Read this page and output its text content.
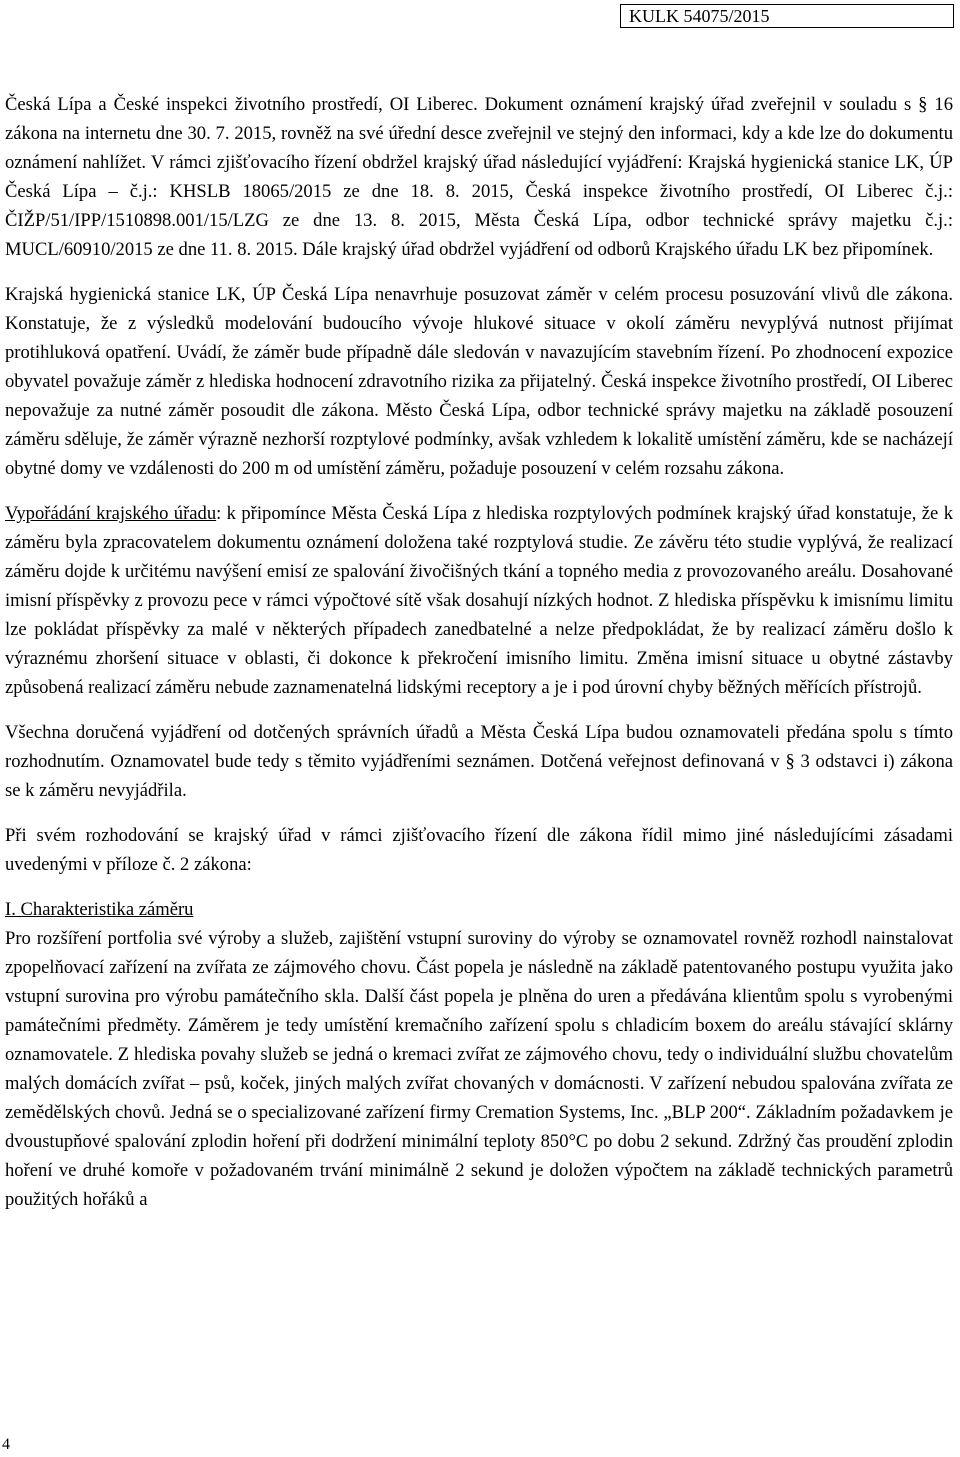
KULK 54075/2015

Česká Lípa a České inspekci životního prostředí, OI Liberec. Dokument oznámení krajský úřad zveřejnil v souladu s § 16 zákona na internetu dne 30. 7. 2015, rovněž na své úřední desce zveřejnil ve stejný den informaci, kdy a kde lze do dokumentu oznámení nahlížet. V rámci zjišťovacího řízení obdržel krajský úřad následující vyjádření: Krajská hygienická stanice LK, ÚP Česká Lípa – č.j.: KHSLB 18065/2015 ze dne 18. 8. 2015, Česká inspekce životního prostředí, OI Liberec č.j.: ČIŽP/51/IPP/1510898.001/15/LZG ze dne 13. 8. 2015, Města Česká Lípa, odbor technické správy majetku č.j.: MUCL/60910/2015 ze dne 11. 8. 2015. Dále krajský úřad obdržel vyjádření od odborů Krajského úřadu LK bez připomínek.

Krajská hygienická stanice LK, ÚP Česká Lípa nenavrhuje posuzovat záměr v celém procesu posuzování vlivů dle zákona. Konstatuje, že z výsledků modelování budoucího vývoje hlukové situace v okolí záměru nevyplývá nutnost přijímat protihluková opatření. Uvádí, že záměr bude případně dále sledován v navazujícím stavebním řízení. Po zhodnocení expozice obyvatel považuje záměr z hlediska hodnocení zdravotního rizika za přijatelný. Česká inspekce životního prostředí, OI Liberec nepovažuje za nutné záměr posoudit dle zákona. Město Česká Lípa, odbor technické správy majetku na základě posouzení záměru sděluje, že záměr výrazně nezhorší rozptylové podmínky, avšak vzhledem k lokalitě umístění záměru, kde se nacházejí obytné domy ve vzdálenosti do 200 m od umístění záměru, požaduje posouzení v celém rozsahu zákona.

Vypořádání krajského úřadu: k připomínce Města Česká Lípa z hlediska rozptylových podmínek krajský úřad konstatuje, že k záměru byla zpracovatelem dokumentu oznámení doložena také rozptylová studie. Ze závěru této studie vyplývá, že realizací záměru dojde k určitému navýšení emisí ze spalování živočišných tkání a topného media z provozovaného areálu. Dosahované imisní příspěvky z provozu pece v rámci výpočtové sítě však dosahují nízkých hodnot. Z hlediska příspěvku k imisnímu limitu lze pokládat příspěvky za malé v některých případech zanedbatelné a nelze předpokládat, že by realizací záměru došlo k výraznému zhoršení situace v oblasti, či dokonce k překročení imisního limitu. Změna imisní situace u obytné zástavby způsobená realizací záměru nebude zaznamenatelná lidskými receptory a je i pod úrovní chyby běžných měřících přístrojů.

Všechna doručená vyjádření od dotčených správních úřadů a Města Česká Lípa budou oznamovateli předána spolu s tímto rozhodnutím. Oznamovatel bude tedy s těmito vyjádřeními seznámen. Dotčená veřejnost definovaná v § 3 odstavci i) zákona se k záměru nevyjádřila.

Při svém rozhodování se krajský úřad v rámci zjišťovacího řízení dle zákona řídil mimo jiné následujícími zásadami uvedenými v příloze č. 2 zákona:

I. Charakteristika záměru
Pro rozšíření portfolia své výroby a služeb, zajištění vstupní suroviny do výroby se oznamovatel rovněž rozhodl nainstalovat zpopelňovací zařízení na zvířata ze zájmového chovu. Část popela je následně na základě patentovaného postupu využita jako vstupní surovina pro výrobu památečního skla. Další část popela je plněna do uren a předávána klientům spolu s vyrobenými památečními předměty. Záměrem je tedy umístění kremačního zařízení spolu s chladicím boxem do areálu stávající sklárny oznamovatele. Z hlediska povahy služeb se jedná o kremaci zvířat ze zájmového chovu, tedy o individuální službu chovatelům malých domácích zvířat – psů, koček, jiných malých zvířat chovaných v domácnosti. V zařízení nebudou spalována zvířata ze zemědělských chovů. Jedná se o specializované zařízení firmy Cremation Systems, Inc. „BLP 200“. Základním požadavkem je dvoustupňové spalování zplodin hoření při dodržení minimální teploty 850°C po dobu 2 sekund. Zdržný čas proudění zplodin hoření ve druhé komoře v požadovaném trvání minimálně 2 sekund je doložen výpočtem na základě technických parametrů použitých hořáků a

4
